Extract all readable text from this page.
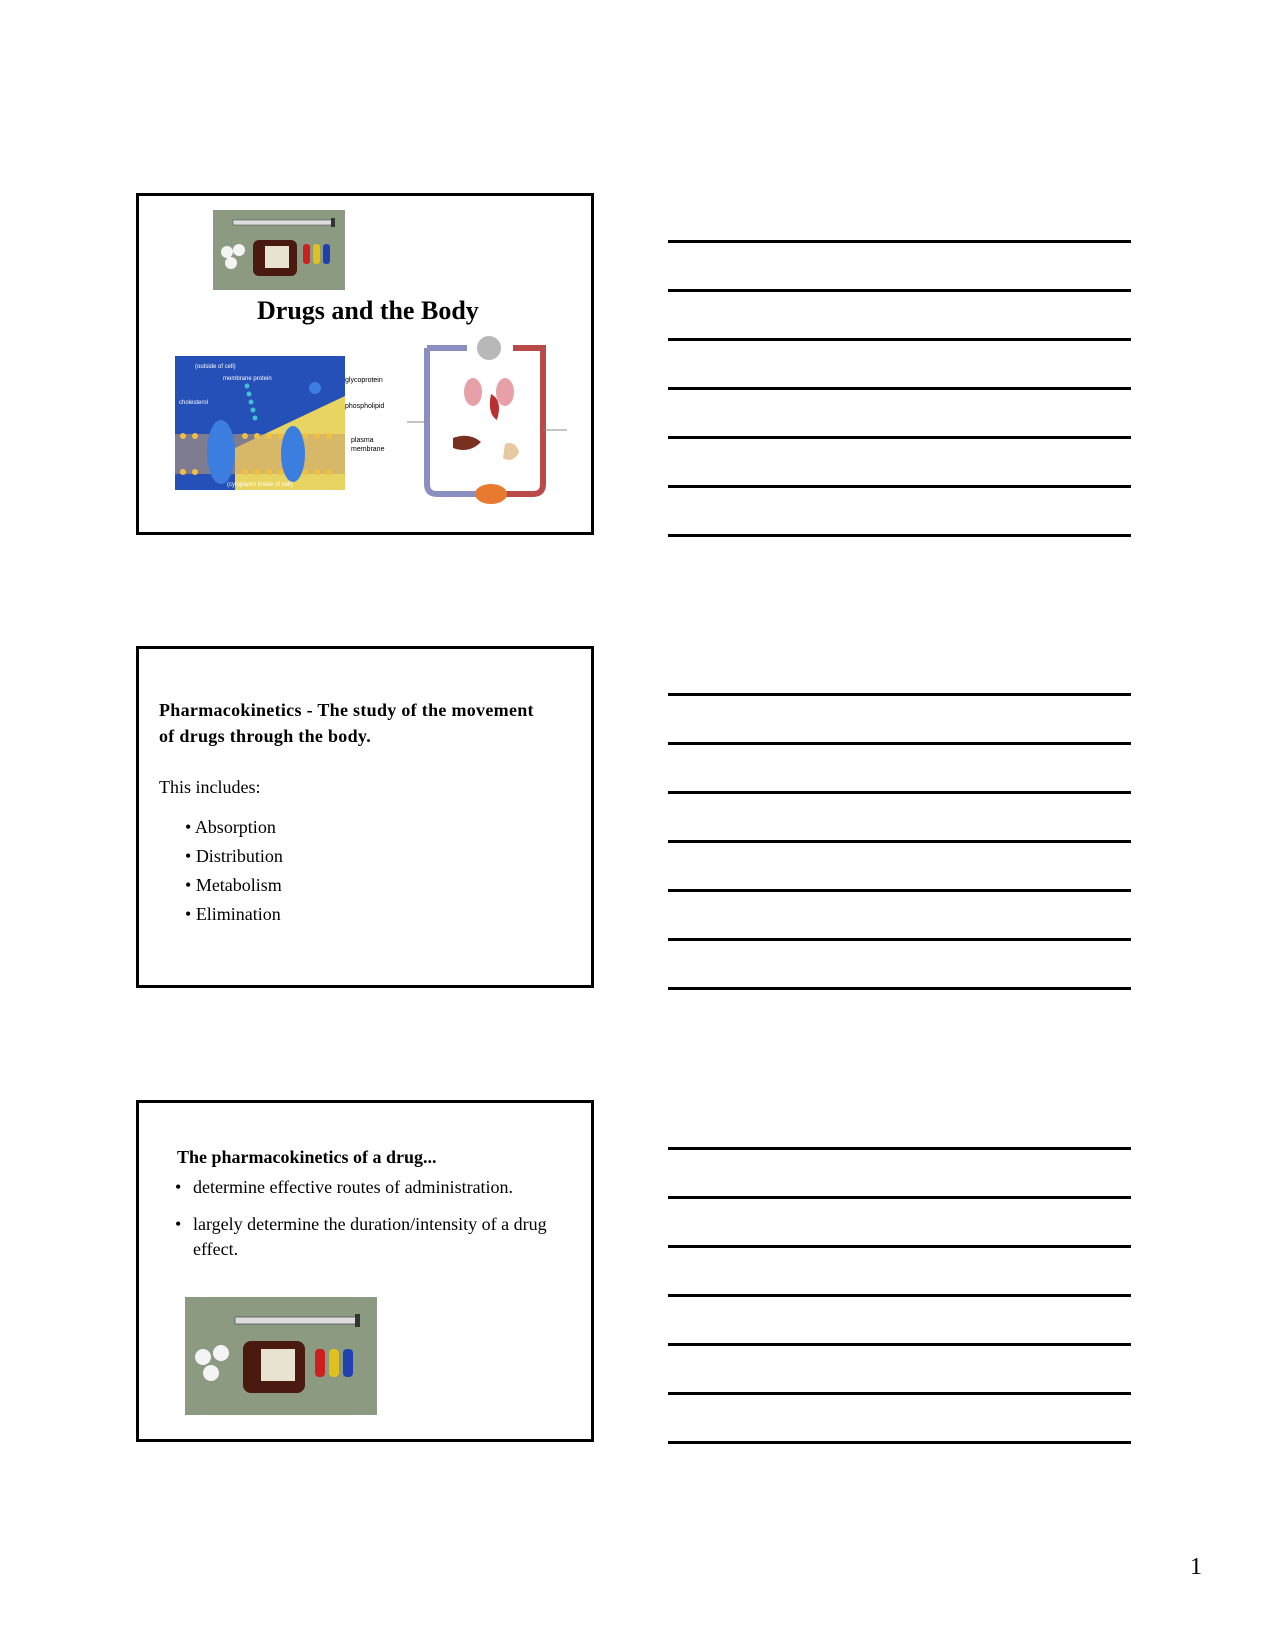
Drugs and the Body
(outside of cell)
membrane protein
cholesterol
(cytoplasm inside of cell)
glycoprotein
phospholipid
plasma
membrane
Pharmacokinetics - The study of the movement
of drugs through the body.
This includes:
• Absorption
• Distribution
• Metabolism
• Elimination
The pharmacokinetics of a drug...
• determine effective routes of administration.
• largely determine the duration/intensity of a drug effect.
1
